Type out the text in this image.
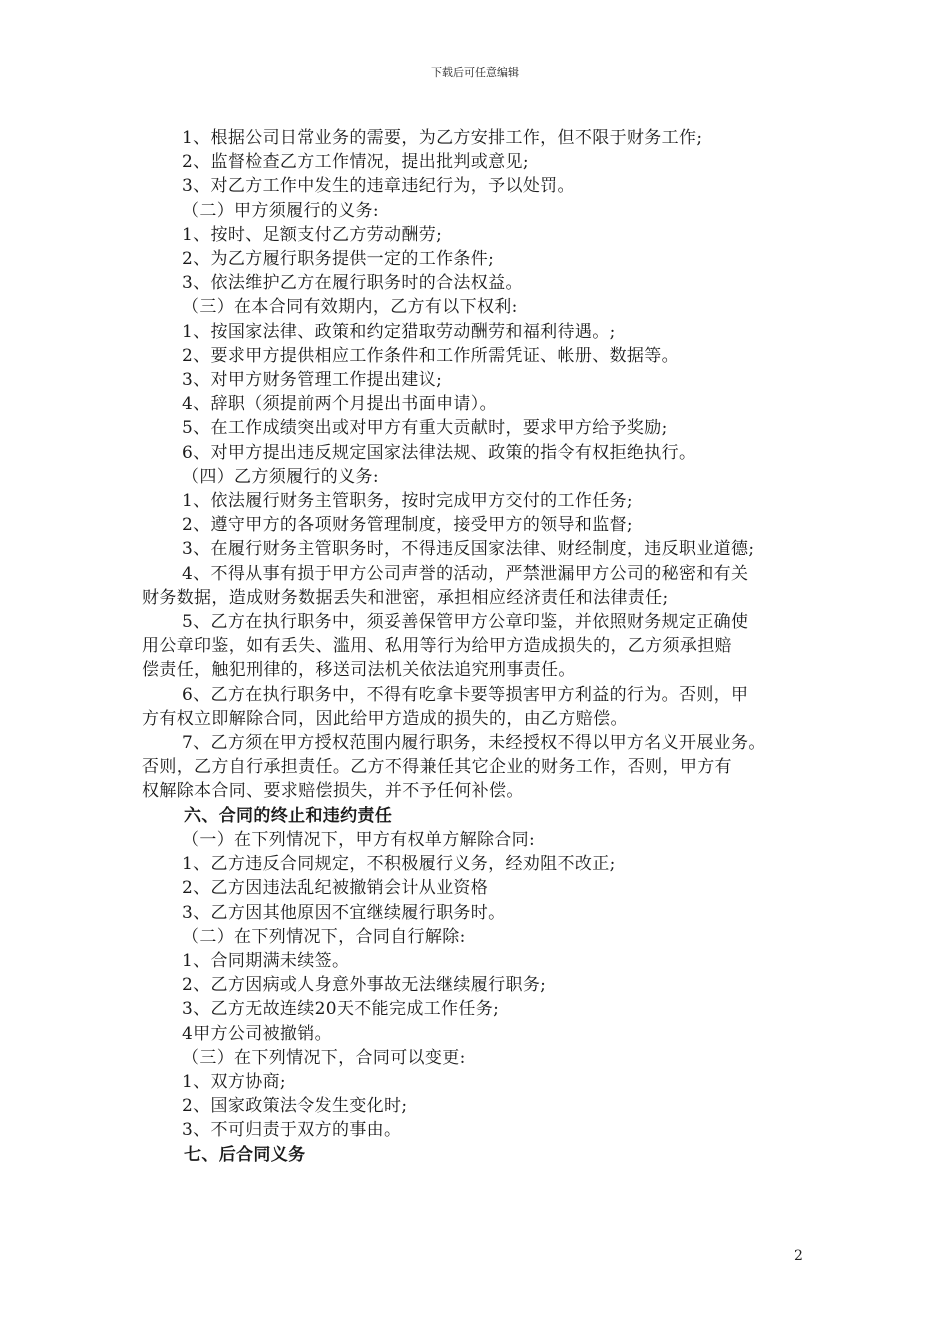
下载后可任意编辑
1、根据公司日常业务的需要，为乙方安排工作，但不限于财务工作;
2、监督检查乙方工作情况，提出批判或意见;
3、对乙方工作中发生的违章违纪行为，予以处罚。
（二）甲方须履行的义务:
1、按时、足额支付乙方劳动酬劳;
2、为乙方履行职务提供一定的工作条件;
3、依法维护乙方在履行职务时的合法权益。
（三）在本合同有效期内，乙方有以下权利:
1、按国家法律、政策和约定猎取劳动酬劳和福利待遇。;
2、要求甲方提供相应工作条件和工作所需凭证、帐册、数据等。
3、对甲方财务管理工作提出建议;
4、辞职（须提前两个月提出书面申请）。
5、在工作成绩突出或对甲方有重大贡献时，要求甲方给予奖励;
6、对甲方提出违反规定国家法律法规、政策的指令有权拒绝执行。
（四）乙方须履行的义务:
1、依法履行财务主管职务，按时完成甲方交付的工作任务;
2、遵守甲方的各项财务管理制度，接受甲方的领导和监督;
3、在履行财务主管职务时，不得违反国家法律、财经制度，违反职业道德;
4、不得从事有损于甲方公司声誉的活动，严禁泄漏甲方公司的秘密和有关
财务数据，造成财务数据丢失和泄密，承担相应经济责任和法律责任;
5、乙方在执行职务中，须妥善保管甲方公章印鉴，并依照财务规定正确使
用公章印鉴，如有丢失、滥用、私用等行为给甲方造成损失的，乙方须承担赔
偿责任，触犯刑律的，移送司法机关依法追究刑事责任。
6、乙方在执行职务中，不得有吃拿卡要等损害甲方利益的行为。否则，甲
方有权立即解除合同，因此给甲方造成的损失的，由乙方赔偿。
7、乙方须在甲方授权范围内履行职务，未经授权不得以甲方名义开展业务。
否则，乙方自行承担责任。乙方不得兼任其它企业的财务工作，否则，甲方有
权解除本合同、要求赔偿损失，并不予任何补偿。
六、合同的终止和违约责任
（一）在下列情况下，甲方有权单方解除合同:
1、乙方违反合同规定，不积极履行义务，经劝阻不改正;
2、乙方因违法乱纪被撤销会计从业资格
3、乙方因其他原因不宜继续履行职务时。
（二）在下列情况下，合同自行解除:
1、合同期满未续签。
2、乙方因病或人身意外事故无法继续履行职务;
3、乙方无故连续20天不能完成工作任务;
4甲方公司被撤销。
（三）在下列情况下，合同可以变更:
1、双方协商;
2、国家政策法令发生变化时;
3、不可归责于双方的事由。
七、后合同义务
2
